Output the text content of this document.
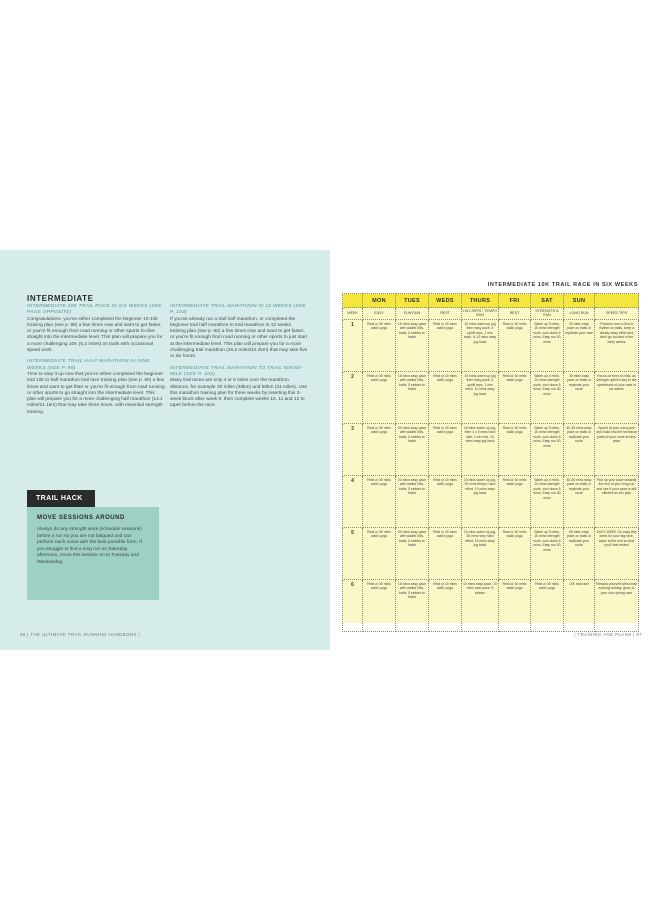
INTERMEDIATE
INTERMEDIATE 10K TRAIL RACE IN SIX WEEKS (SEE PAGE OPPOSITE)
Congratulations, you've either completed the beginner 10-10k training plan (see p. 86) a few times now and want to get faster, or you're fit enough from road running or other sports to dive straight into the intermediate level. This plan will prepare you for a more challenging 10K (6.2 miles) on trails with occasional speed work.
INTERMEDIATE TRAIL HALF MARATHON IN NINE WEEKS (SEE P. 98)
Time to step it up now that you've either completed the beginner trail 10k to half marathon trail race training plan (see p. 90) a few times and want to get fitter or you're fit enough from road running or other sports to go straight into the intermediate level. This plan will prepare you for a more challenging half marathon (13.1 miles/21.1km) that may take three hours, with essential strength training.
INTERMEDIATE TRAIL MARATHON IN 12 WEEKS (SEE P. 104)
If you've already run a trail half marathon, or completed the beginner trail half marathon to trail marathon in 12 weeks training plan (see p. 92) a few times now and want to get faster, or you're fit enough from road running or other sports to just start at the intermediate level. This plan will prepare you for a more challenging trail marathon (26.2 miles/42.2km) that may take five or six hours.
INTERMEDIATE TRAIL MARATHON TO TRAIL 50K/50-MILE (SEE P. 102)
Many trail races are only 4 or 5 miles over the marathon distance, for example 30 miles (48km) and 50km (31 miles). Use this marathon training plan for three weeks by inserting this 3-week block after week 9, then complete weeks 10, 11 and 12 to taper before the race.
TRAIL HACK
MOVE SESSIONS AROUND
Always do any strength work (schedule sessions) before a run so you are not fatigued and can perform each move with the best possible form. If you struggle to find a long run on Saturday afternoon, move this session on to Tuesday and Wednesday.
96 | THE ULTIMATE TRAIL RUNNING HANDBOOK |
INTERMEDIATE 10K TRAIL RACE IN SIX WEEKS
	MON	TUES	WEDS	THURS	FRI	SAT	SUN	
WEEK	EASY	FUN RUN	REST	HILL REPS / TEMPO RUN	REST	STRENGTH & RUN	LONG RUN	SPEED TIPS
1	Rest or 30 mins walk/ yoga	15 mins easy pace with added hills, trails, 5 strides to finish	Rest or 30 mins walk/ yoga	10 mins warm up jog then easy pace, 4 uphill reps, 1 min each, 6-10 mins easy jog back	Rest or 30 mins walk/ yoga	Warm up 5 mins, 20 mins strength work, cool down 5 mins, Easy run 30 mins	30 mins easy pace on trails or replicate your race	Practice how to find a rhythm on trails, keep a steady easy effort and don't go too fast in the early weeks
2	Rest or 30 mins walk/ yoga	15 mins easy pace with added hills, trails, 5 strides to finish	Rest or 30 mins walk/ yoga	10 mins warm up jog then easy pace, 6 uphill reps, 1 min each, 10 mins easy jog back	Rest or 30 mins walk/ yoga	Warm up 5 mins, 20 mins strength work, cool down 5 mins, Easy run 30 mins	35 mins easy pace on trails or replicate your route	Focus on form on hills, as strength uphill is key to the speedwork of your race in six weeks
3	Rest or 30 mins walk/ yoga	20 mins easy pace with added hills, trails, 5 strides to finish	Rest or 30 mins walk/ yoga	15 mins warm up jog, then 4 x 5 mins hard with 1 min rest, 10 mins easy jog back	Rest or 30 mins walk/ yoga	Warm up 5 mins, 20 mins strength work, cool down 5 mins, Easy run 30 mins	40-45 mins easy pace on trails or replicate your route	Speed at your own pace and build into the technical parts of your route at race pace
4	Rest or 30 mins walk/ yoga	20 mins easy pace with added hills, trails, 5 strides to finish	Rest or 30 mins walk/ yoga	15 mins warm up jog, 30 mins tempo, hard effort, 10 mins easy jog back	Rest or 30 mins walk/ yoga	Warm up 5 mins, 20 mins strength work, cool down 5 mins, Easy run 30 mins	45-50 mins easy pace on trails or replicate your route	Pick up your pace towards the end of your long run and see if your pace is still efficient as per plan
5	Rest or 30 mins walk/ yoga	20 mins easy pace with added hills, trails, 5 strides to finish	Rest or 30 mins walk/ yoga	15 mins warm up jog, 30 mins very hard effort, 15 mins easy jog back	Rest or 30 mins walk/ yoga	Warm up 5 mins, 20 mins strength work, cool down 5 mins, Easy run 30 mins	50 mins easy pace on trails or replicate your route	EASY WEEK Go easy this week for your big race, taper at the end so that you'll feel rested
6	Rest or 30 mins walk/ yoga	15 mins easy pace with added hills, trails, 5 strides to finish	Rest or 30 mins walk/ yoga	10 mins easy pace, 10 mins race pace, 5 strides	Rest or 30 mins walk/ yoga	Rest or 30 mins walk/ yoga	10K trail race	Reward yourself with a trail running holiday, gear, or your own spring race
| TRAINING AND PLANS | 97
